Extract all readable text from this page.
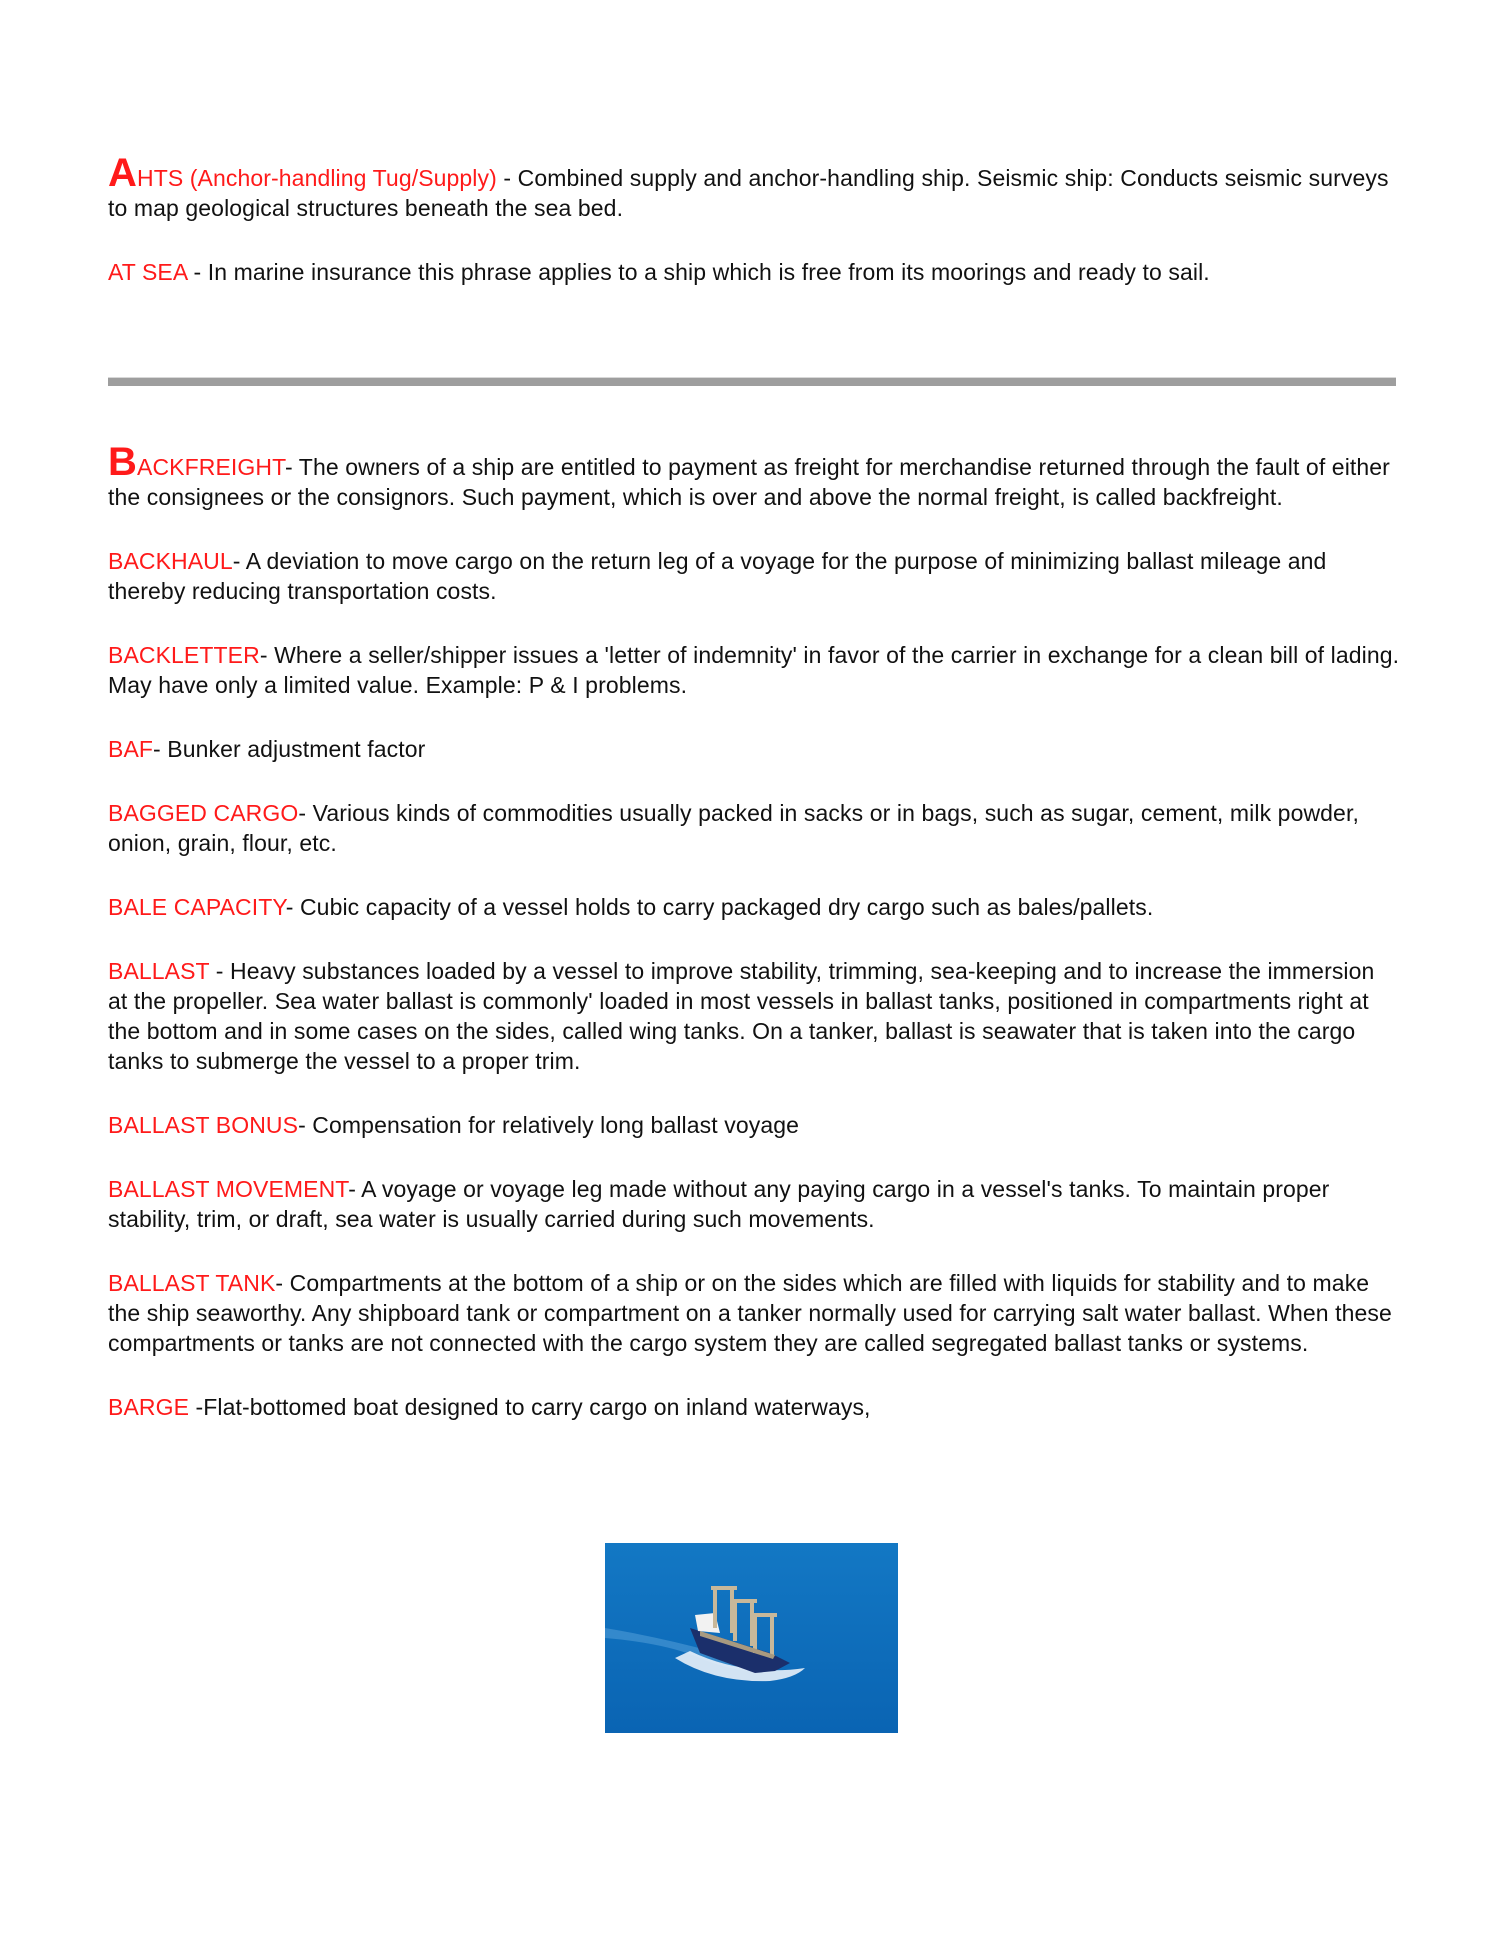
AHTS (Anchor-handling Tug/Supply) - Combined supply and anchor-handling ship. Seismic ship: Conducts seismic surveys to map geological structures beneath the sea bed.

AT SEA - In marine insurance this phrase applies to a ship which is free from its moorings and ready to sail.

BACKFREIGHT- The owners of a ship are entitled to payment as freight for merchandise returned through the fault of either the consignees or the consignors. Such payment, which is over and above the normal freight, is called backfreight.

BACKHAUL- A deviation to move cargo on the return leg of a voyage for the purpose of minimizing ballast mileage and thereby reducing transportation costs.

BACKLETTER- Where a seller/shipper issues a 'letter of indemnity' in favor of the carrier in exchange for a clean bill of lading. May have only a limited value. Example: P & I problems.

BAF- Bunker adjustment factor

BAGGED CARGO- Various kinds of commodities usually packed in sacks or in bags, such as sugar, cement, milk powder, onion, grain, flour, etc.

BALE CAPACITY- Cubic capacity of a vessel holds to carry packaged dry cargo such as bales/pallets.

BALLAST - Heavy substances loaded by a vessel to improve stability, trimming, sea-keeping and to increase the immersion at the propeller. Sea water ballast is commonly' loaded in most vessels in ballast tanks, positioned in compartments right at the bottom and in some cases on the sides, called wing tanks. On a tanker, ballast is seawater that is taken into the cargo tanks to submerge the vessel to a proper trim.

BALLAST BONUS- Compensation for relatively long ballast voyage

BALLAST MOVEMENT- A voyage or voyage leg made without any paying cargo in a vessel's tanks. To maintain proper stability, trim, or draft, sea water is usually carried during such movements.

BALLAST TANK- Compartments at the bottom of a ship or on the sides which are filled with liquids for stability and to make the ship seaworthy. Any shipboard tank or compartment on a tanker normally used for carrying salt water ballast. When these compartments or tanks are not connected with the cargo system they are called segregated ballast tanks or systems.

BARGE -Flat-bottomed boat designed to carry cargo on inland waterways,
